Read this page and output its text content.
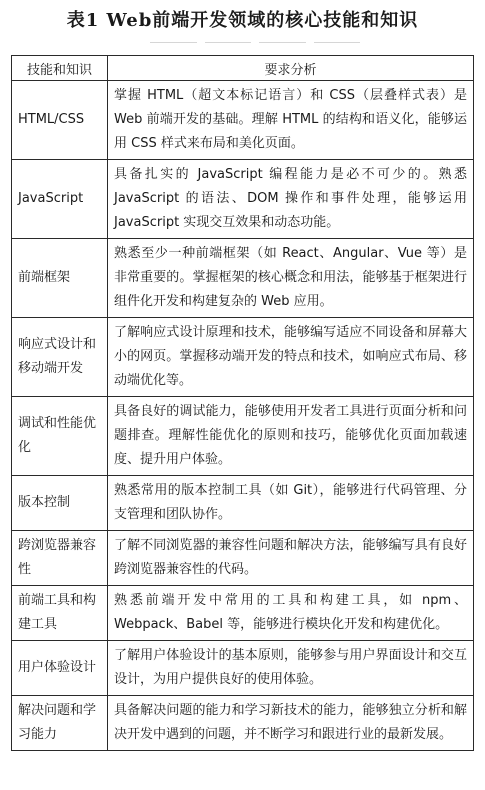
表1 Web前端开发领域的核心技能和知识
技能和知识	要求分析
HTML/CSS	掌握 HTML（超文本标记语言）和 CSS（层叠样式表）是 Web 前端开发的基础。理解 HTML 的结构和语义化，能够运用 CSS 样式来布局和美化页面。
JavaScript	具备扎实的 JavaScript 编程能力是必不可少的。熟悉 JavaScript 的语法、DOM 操作和事件处理，能够运用 JavaScript 实现交互效果和动态功能。
前端框架	熟悉至少一种前端框架（如 React、Angular、Vue 等）是非常重要的。掌握框架的核心概念和用法，能够基于框架进行组件化开发和构建复杂的 Web 应用。
响应式设计和移动端开发	了解响应式设计原理和技术，能够编写适应不同设备和屏幕大小的网页。掌握移动端开发的特点和技术，如响应式布局、移动端优化等。
调试和性能优化	具备良好的调试能力，能够使用开发者工具进行页面分析和问题排查。理解性能优化的原则和技巧，能够优化页面加载速度、提升用户体验。
版本控制	熟悉常用的版本控制工具（如 Git），能够进行代码管理、分支管理和团队协作。
跨浏览器兼容性	了解不同浏览器的兼容性问题和解决方法，能够编写具有良好跨浏览器兼容性的代码。
前端工具和构建工具	熟悉前端开发中常用的工具和构建工具，如 npm、Webpack、Babel 等，能够进行模块化开发和构建优化。
用户体验设计	了解用户体验设计的基本原则，能够参与用户界面设计和交互设计，为用户提供良好的使用体验。
解决问题和学习能力	具备解决问题的能力和学习新技术的能力，能够独立分析和解决开发中遇到的问题，并不断学习和跟进行业的最新发展。
